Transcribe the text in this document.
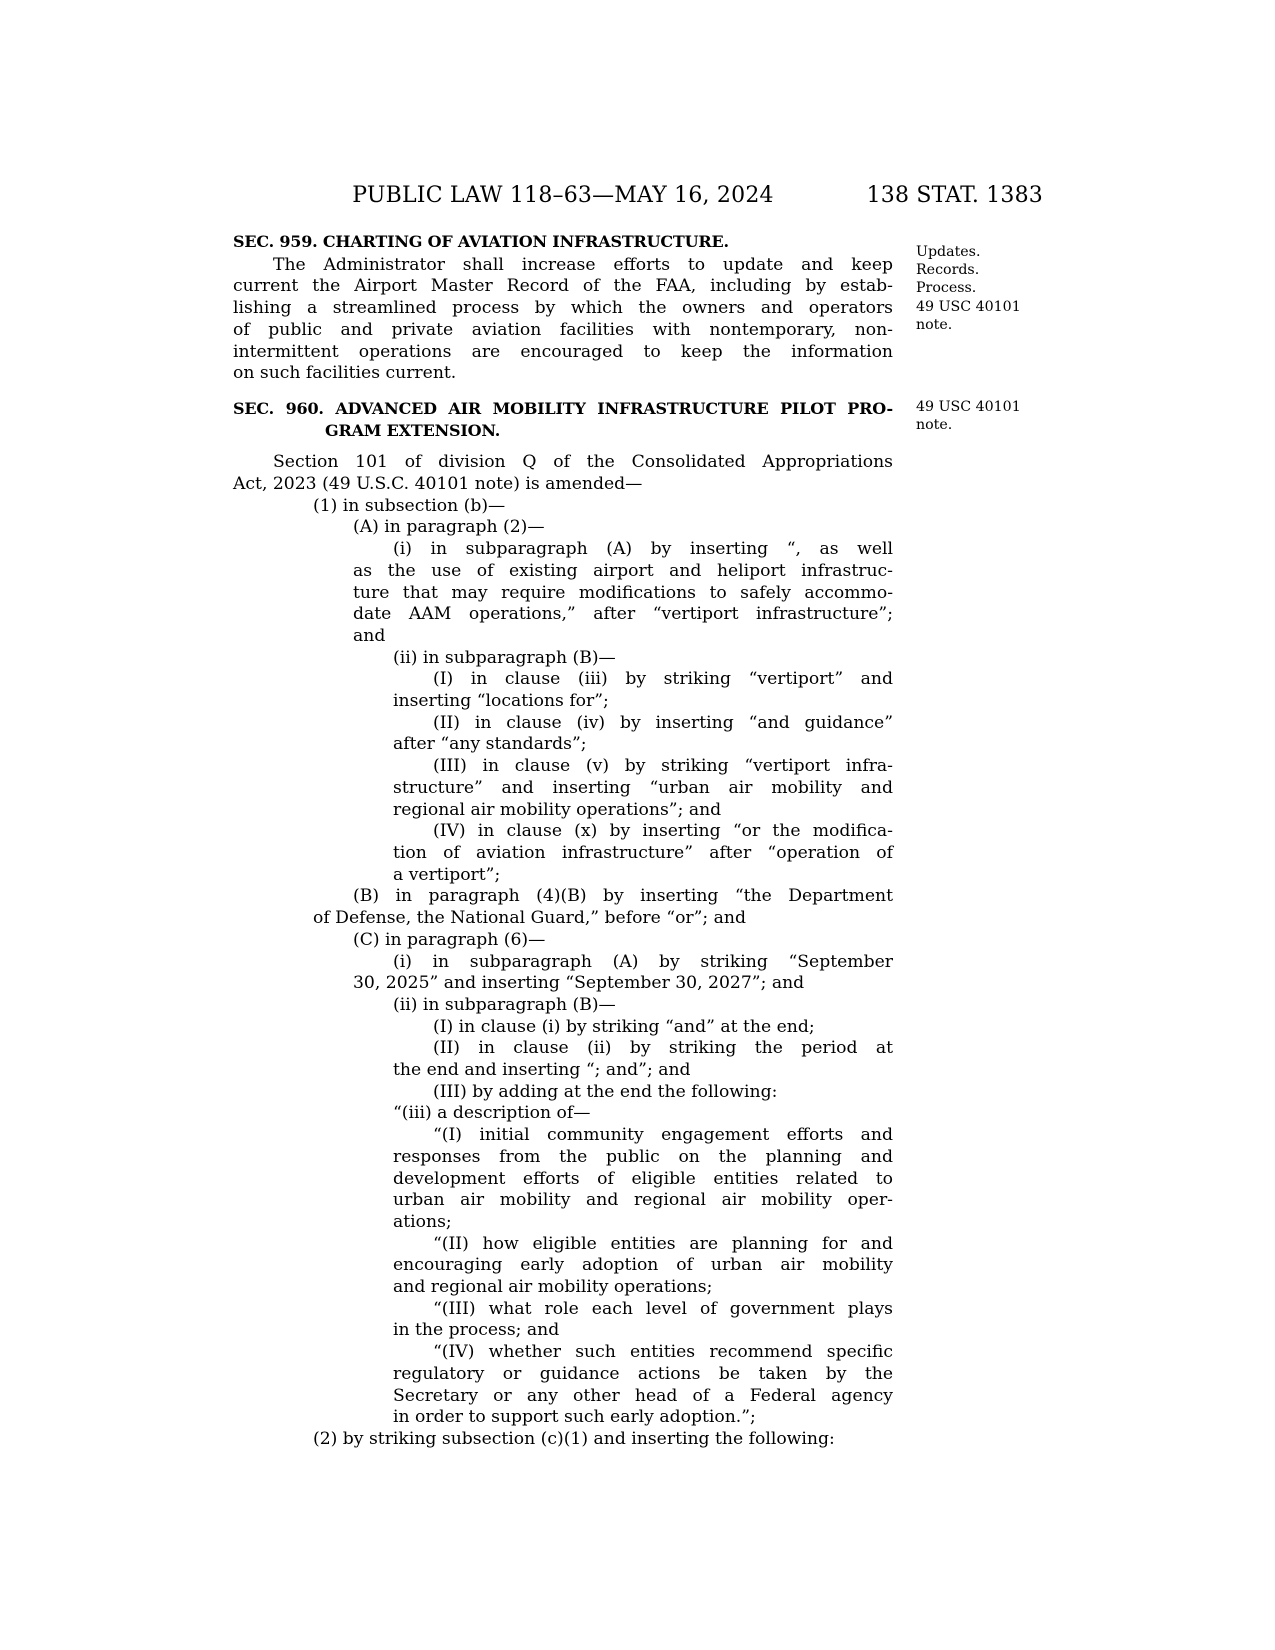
PUBLIC LAW 118–63—MAY 16, 2024	138 STAT. 1383
SEC. 959. CHARTING OF AVIATION INFRASTRUCTURE.
The Administrator shall increase efforts to update and keep
current the Airport Master Record of the FAA, including by estab-
lishing a streamlined process by which the owners and operators
of public and private aviation facilities with nontemporary, non-
intermittent operations are encouraged to keep the information
on such facilities current.
SEC. 960. ADVANCED AIR MOBILITY INFRASTRUCTURE PILOT PRO-
GRAM EXTENSION.
Section 101 of division Q of the Consolidated Appropriations
Act, 2023 (49 U.S.C. 40101 note) is amended—
(1) in subsection (b)—
(A) in paragraph (2)—
(i) in subparagraph (A) by inserting “, as well
as the use of existing airport and heliport infrastruc-
ture that may require modifications to safely accommo-
date AAM operations,” after “vertiport infrastructure”;
and
(ii) in subparagraph (B)—
(I) in clause (iii) by striking “vertiport” and
inserting “locations for”;
(II) in clause (iv) by inserting “and guidance”
after “any standards”;
(III) in clause (v) by striking “vertiport infra-
structure” and inserting “urban air mobility and
regional air mobility operations”; and
(IV) in clause (x) by inserting “or the modifica-
tion of aviation infrastructure” after “operation of
a vertiport”;
(B) in paragraph (4)(B) by inserting “the Department
of Defense, the National Guard,” before “or”; and
(C) in paragraph (6)—
(i) in subparagraph (A) by striking “September
30, 2025” and inserting “September 30, 2027”; and
(ii) in subparagraph (B)—
(I) in clause (i) by striking “and” at the end;
(II) in clause (ii) by striking the period at
the end and inserting “; and”; and
(III) by adding at the end the following:
“(iii) a description of—
“(I) initial community engagement efforts and
responses from the public on the planning and
development efforts of eligible entities related to
urban air mobility and regional air mobility oper-
ations;
“(II) how eligible entities are planning for and
encouraging early adoption of urban air mobility
and regional air mobility operations;
“(III) what role each level of government plays
in the process; and
“(IV) whether such entities recommend specific
regulatory or guidance actions be taken by the
Secretary or any other head of a Federal agency
in order to support such early adoption.”;
(2) by striking subsection (c)(1) and inserting the following:
Updates.
Records.
Process.
49 USC 40101
note.
49 USC 40101
note.
